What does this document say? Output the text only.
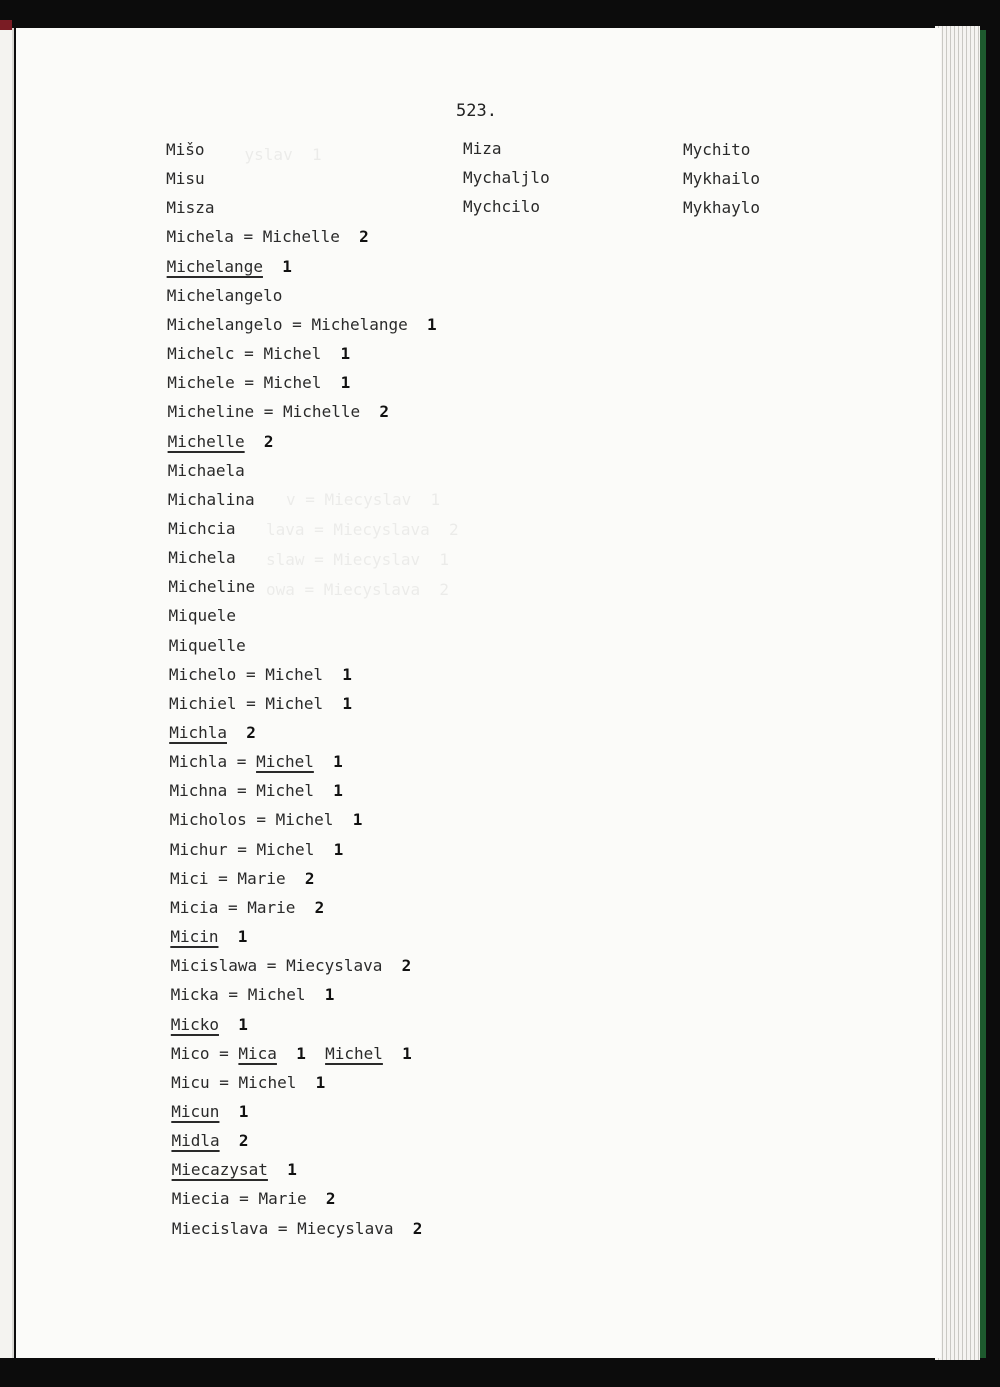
523.
yslav  1
v = Miecyslav  1
lava = Miecyslava  2
slaw = Miecyslav  1
owa = Miecyslava  2
Mišo
Misu
Misza
Michela = Michelle  2
Michelange 1
Michelangelo
Michelangelo = Michelange  1
Michelc = Michel  1
Michele = Michel  1
Micheline = Michelle  2
Michelle 2
Michaela
Michalina
Michcia
Michela
Micheline
Miquele
Miquelle
Michelo = Michel  1
Michiel = Michel  1
Michla 2
Michla = Michel 1
Michna = Michel  1
Micholos = Michel  1
Michur = Michel  1
Mici = Marie  2
Micia = Marie  2
Micin 1
Micislawa = Miecyslava  2
Micka = Michel  1
Micko 1
Mico = Mica 1 Michel 1
Micu = Michel  1
Micun 1
Midla 2
Miecazysat 1
Miecia = Marie  2
Miecislava = Miecyslava  2
Miza
Mychaljlo
Mychcilo
Mychito
Mykhailo
Mykhaylo
